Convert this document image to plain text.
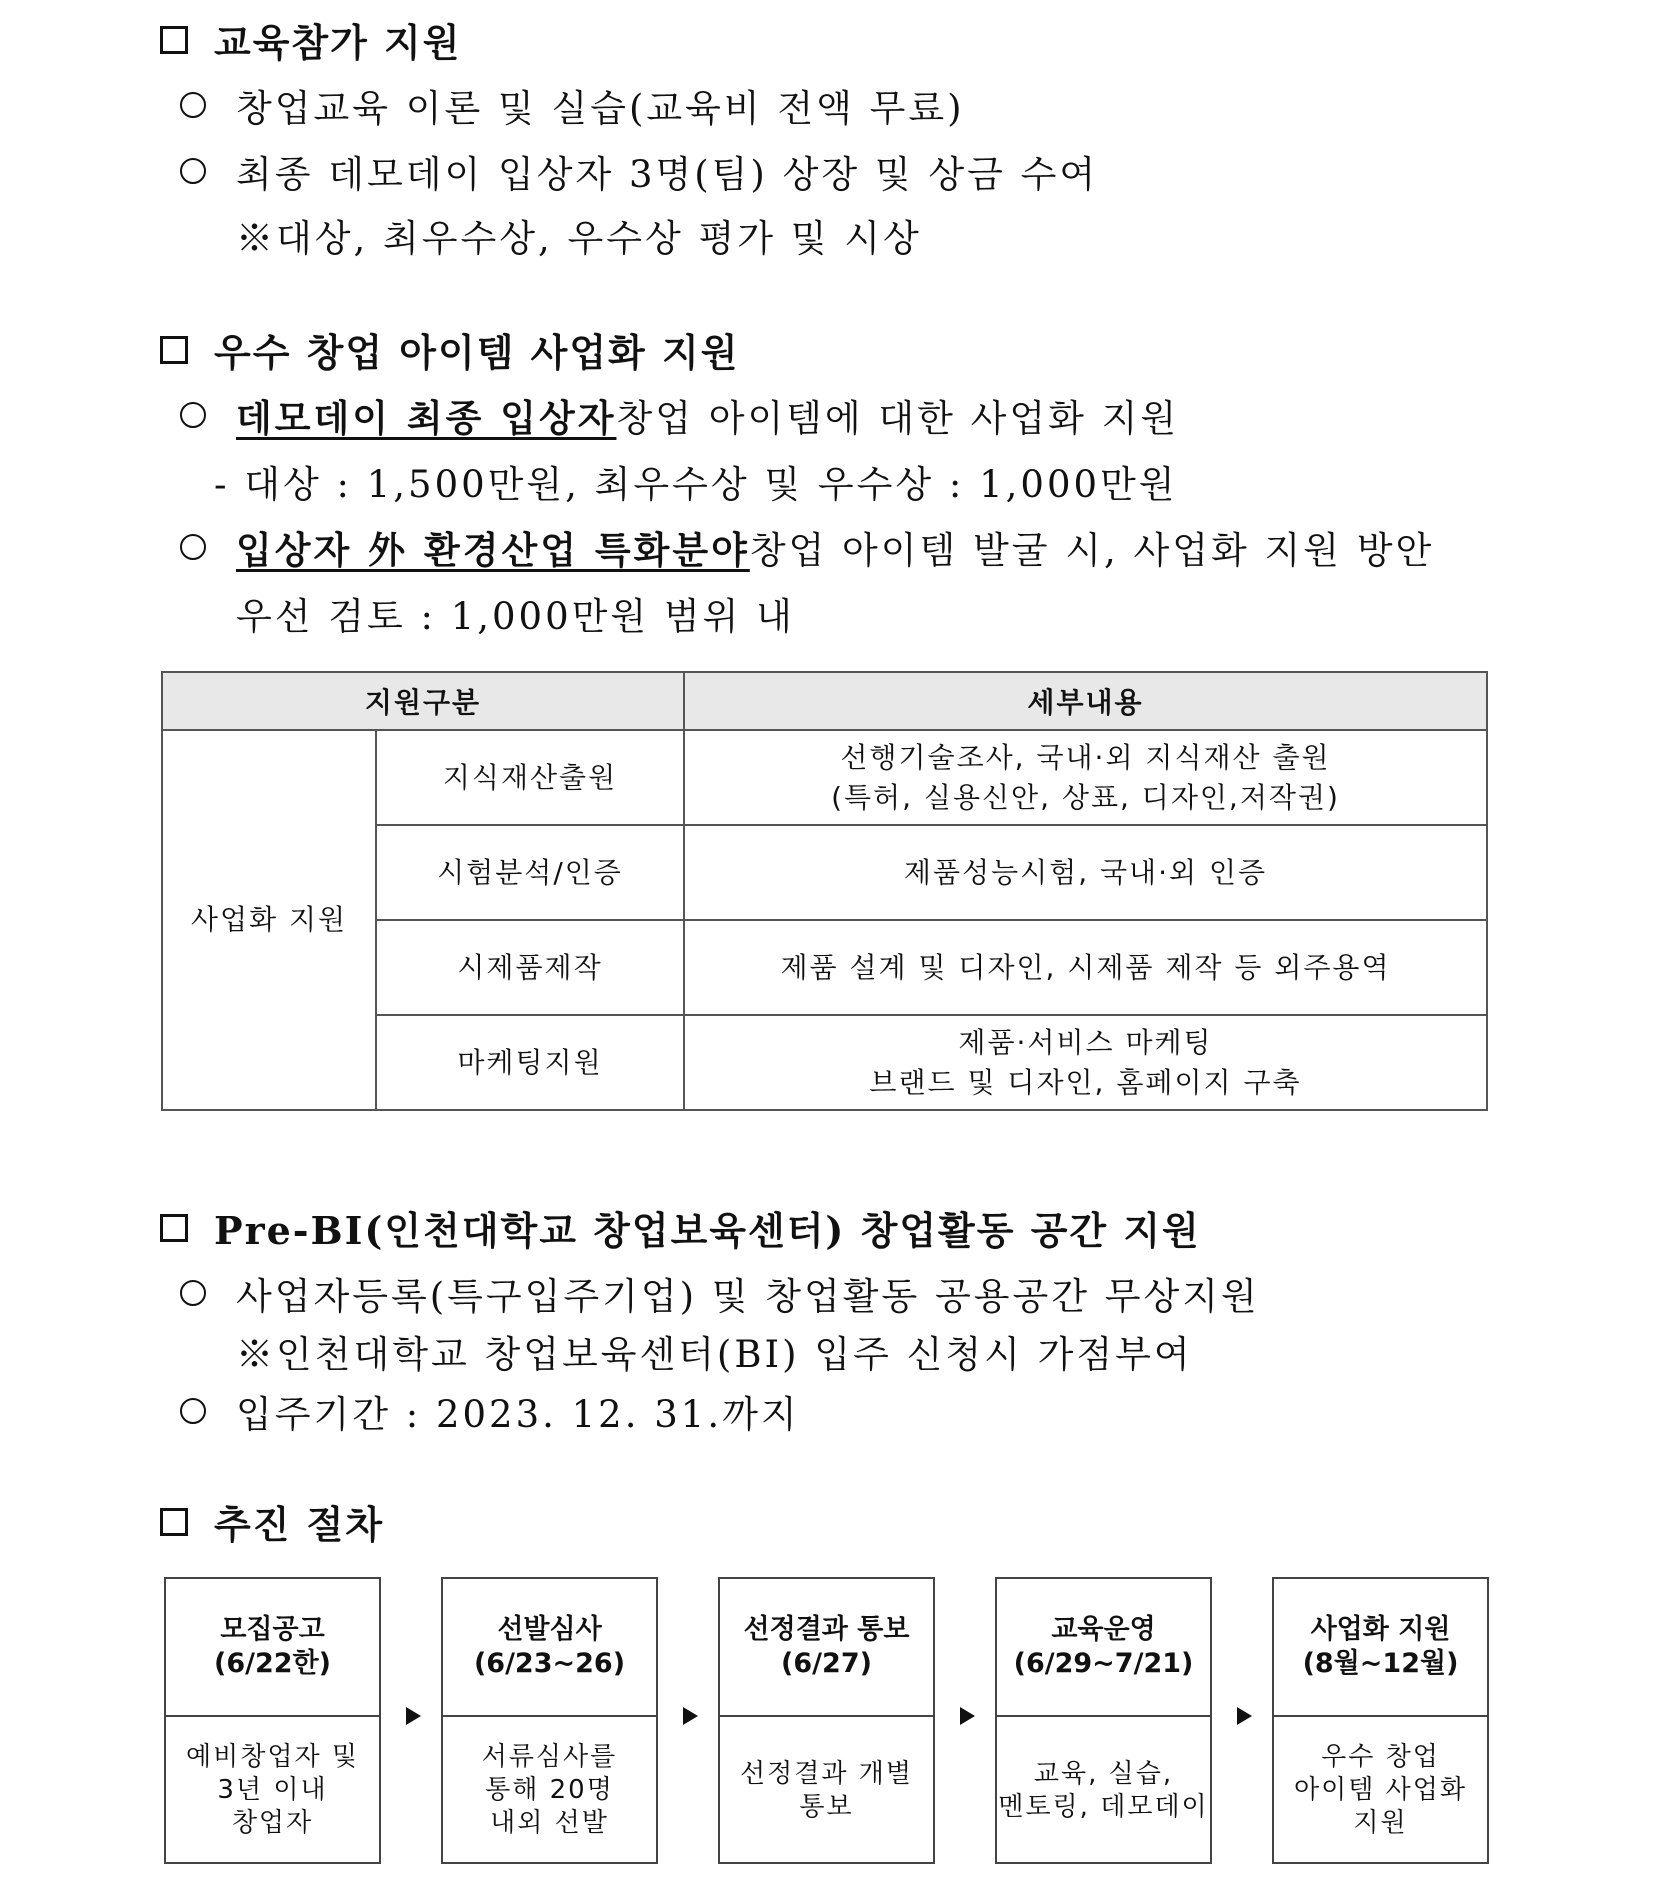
교육참가 지원
창업교육 이론 및 실습(교육비 전액 무료)
최종 데모데이 입상자 3명(팀) 상장 및 상금 수여
※대상, 최우수상, 우수상 평가 및 시상
우수 창업 아이템 사업화 지원
데모데이 최종 입상자 창업 아이템에 대한 사업화 지원
- 대상 : 1,500만원, 최우수상 및 우수상 : 1,000만원
입상자 外 환경산업 특화분야 창업 아이템 발굴 시, 사업화 지원 방안
우선 검토 : 1,000만원 범위 내
지원구분		세부내용
사업화 지원	지식재산출원	선행기술조사, 국내·외 지식재산 출원
(특허, 실용신안, 상표, 디자인,저작권)

	시험분석/인증	제품성능시험, 국내·외 인증

	시제품제작	제품 설계 및 디자인, 시제품 제작 등 외주용역

	마케팅지원	제품·서비스 마케팅
브랜드 및 디자인, 홈페이지 구축
Pre-BI(인천대학교 창업보육센터) 창업활동 공간 지원
사업자등록(특구입주기업) 및 창업활동 공용공간 무상지원
※인천대학교 창업보육센터(BI) 입주 신청시 가점부여
입주기간 : 2023. 12. 31.까지
추진 절차
모집공고
(6/22한)
예비창업자 및
3년 이내
창업자
선발심사
(6/23~26)
서류심사를
통해 20명
내외 선발
선정결과 통보
(6/27)
선정결과 개별
통보
교육운영
(6/29~7/21)
교육, 실습,
멘토링, 데모데이
사업화 지원
(8월~12월)
우수 창업
아이템 사업화
지원
